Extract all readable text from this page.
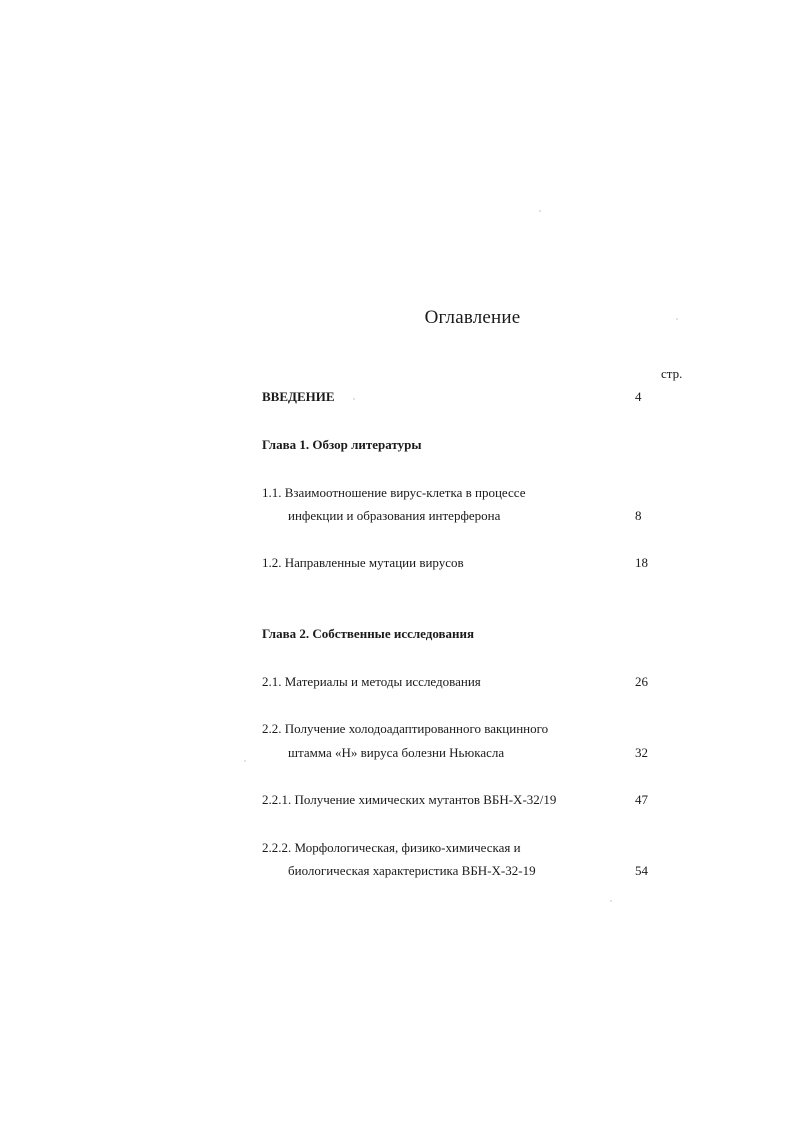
Оглавление
стр.
ВВЕДЕНИЕ	4
Глава 1. Обзор литературы
1.1. Взаимоотношение вирус-клетка в процессе
инфекции и образования интерферона	8
1.2. Направленные мутации вирусов	18
Глава 2. Собственные исследования
2.1. Материалы и методы исследования	26
2.2. Получение холодоадаптированного вакцинного
штамма «Н» вируса болезни Ньюкасла	32
2.2.1. Получение химических мутантов ВБН-Х-32/19	47
2.2.2. Морфологическая, физико-химическая и
биологическая характеристика ВБН-Х-32-19	54
